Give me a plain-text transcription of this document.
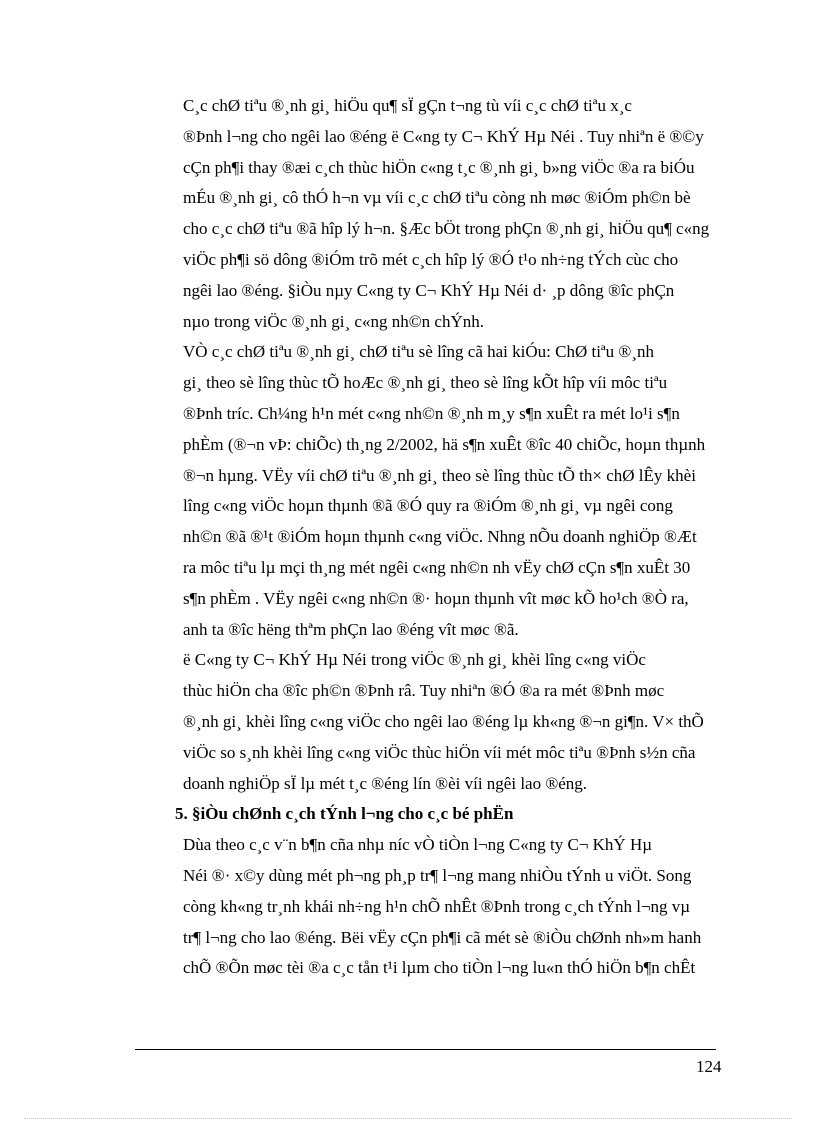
C¸c chØ tiªu ®¸nh gi¸ hiÖu qu¶ sÏ gÇn t¬ng tù víi c¸c chØ tiªu x¸c
®Þnh l¬ng cho ngêi lao ®éng ë C«ng ty C¬ KhÝ Hµ Néi . Tuy nhiªn ë ®©y
cÇn ph¶i thay ®æi c¸ch thùc hiÖn c«ng t¸c ®¸nh gi¸ b»ng viÖc ®a ra biÓu
mÉu ®¸nh gi¸ cô thÓ h¬n vµ víi c¸c chØ tiªu còng nh møc ®iÓm ph©n bè
cho c¸c chØ tiªu ®ã hîp lý h¬n. §Æc bÖt trong phÇn ®¸nh gi¸ hiÖu qu¶ c«ng
viÖc ph¶i sö dông ®iÓm trõ mét c¸ch hîp lý ®Ó t¹o nh÷ng tÝch cùc cho
ngêi lao ®éng. §iÒu nµy C«ng ty C¬ KhÝ Hµ Néi d· ¸p dông ®îc phÇn
nµo trong viÖc ®¸nh gi¸ c«ng nh©n chÝnh.

VÒ c¸c chØ tiªu ®¸nh gi¸ chØ tiªu sè lîng cã hai kiÓu: ChØ tiªu ®¸nh
gi¸ theo sè lîng thùc tÕ hoÆc ®¸nh gi¸ theo sè lîng kÕt hîp víi môc tiªu
®Þnh tríc. Ch¼ng h¹n mét c«ng nh©n ®¸nh m¸y s¶n xuÊt ra mét lo¹i s¶n
phÈm (®¬n vÞ: chiÕc) th¸ng 2/2002, hä s¶n xuÊt ®îc 40 chiÕc, hoµn thµnh
®¬n hµng. VËy víi chØ tiªu ®¸nh gi¸ theo sè lîng thùc tÕ th× chØ lÊy khèi
lîng c«ng viÖc hoµn thµnh ®ã ®Ó quy ra ®iÓm ®¸nh gi¸ vµ ngêi cong
nh©n ®ã ®¹t ®iÓm hoµn thµnh c«ng viÖc. Nhng nÕu doanh nghiÖp ®Æt
ra môc tiªu lµ mçi th¸ng mét ngêi c«ng nh©n nh vËy chØ cÇn s¶n xuÊt 30
s¶n phÈm . VËy ngêi c«ng nh©n ®· hoµn thµnh vît møc kÕ ho¹ch ®Ò ra,
anh ta ®îc hëng thªm phÇn lao ®éng vît møc ®ã.

ë C«ng ty C¬ KhÝ Hµ Néi trong viÖc ®¸nh gi¸ khèi lîng c«ng viÖc
thùc hiÖn cha ®îc ph©n ®Þnh râ. Tuy nhiªn ®Ó ®a ra mét ®Þnh møc
®¸nh gi¸ khèi lîng c«ng viÖc cho ngêi lao ®éng lµ kh«ng ®¬n gi¶n. V× thÕ
viÖc so s¸nh khèi lîng c«ng viÖc thùc hiÖn víi mét môc tiªu ®Þnh s½n cña
doanh nghiÖp sÏ lµ mét t¸c ®éng lín ®èi víi ngêi lao ®éng.

5. §iÒu chØnh c¸ch tÝnh l¬ng cho c¸c bé phËn

Dùa theo c¸c v¨n b¶n cña nhµ níc vÒ tiÒn l¬ng C«ng ty C¬ KhÝ Hµ
Néi ®· x©y dùng mét ph¬ng ph¸p tr¶ l¬ng mang nhiÒu tÝnh u viÖt. Song
còng kh«ng tr¸nh khái nh÷ng h¹n chÕ nhÊt ®Þnh trong c¸ch tÝnh l¬ng vµ
tr¶ l¬ng cho lao ®éng. Bëi vËy cÇn ph¶i cã mét sè ®iÒu chØnh nh»m hanh
chÕ ®Õn møc tèi ®a c¸c tån t¹i lµm cho tiÒn l¬ng lu«n thÓ hiÖn b¶n chÊt

124
